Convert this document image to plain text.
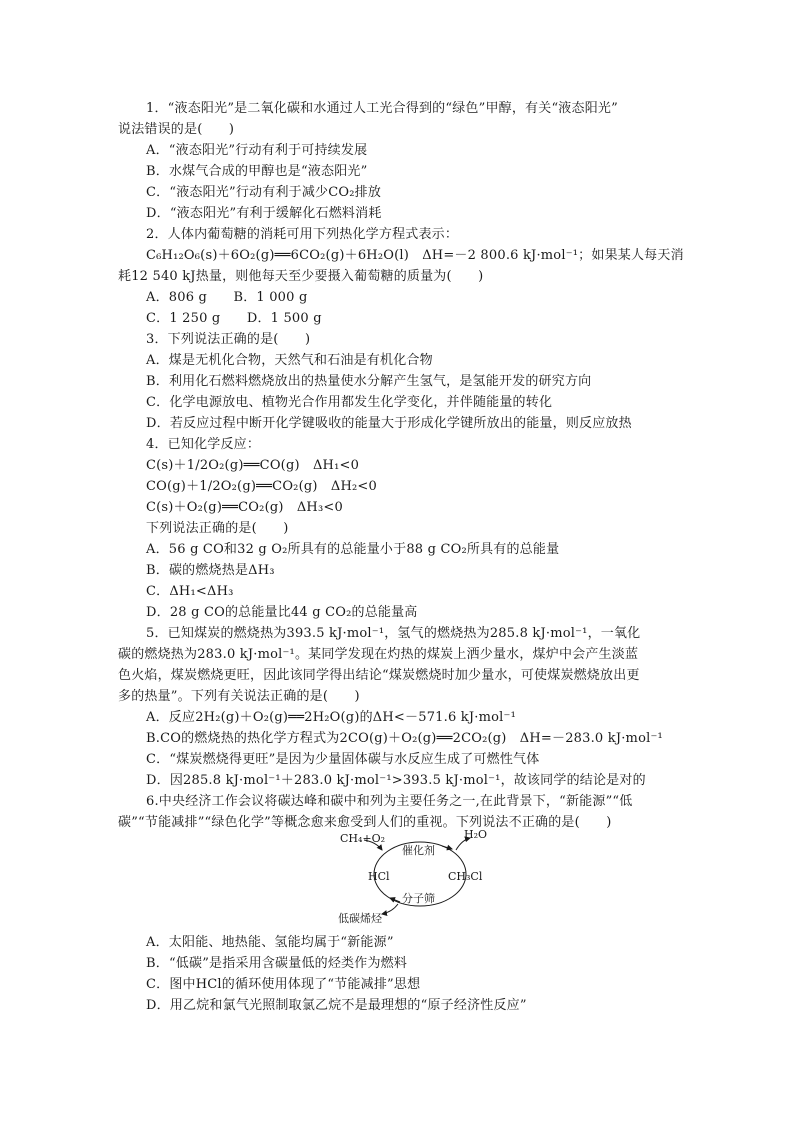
1．“液态阳光”是二氧化碳和水通过人工光合得到的“绿色”甲醇，有关“液态阳光”
说法错误的是(　　)
A．“液态阳光”行动有利于可持续发展
B．水煤气合成的甲醇也是“液态阳光”
C．“液态阳光”行动有利于减少CO₂排放
D．“液态阳光”有利于缓解化石燃料消耗
2．人体内葡萄糖的消耗可用下列热化学方程式表示：
C₆H₁₂O₆(s)＋6O₂(g)══6CO₂(g)＋6H₂O(l)　ΔH=－2 800.6 kJ·mol⁻¹；如果某人每天消
耗12 540 kJ热量，则他每天至少要摄入葡萄糖的质量为(　　)
A．806 g　　B．1 000 g
C．1 250 g　　D．1 500 g
3．下列说法正确的是(　　)
A．煤是无机化合物，天然气和石油是有机化合物
B．利用化石燃料燃烧放出的热量使水分解产生氢气，是氢能开发的研究方向
C．化学电源放电、植物光合作用都发生化学变化，并伴随能量的转化
D．若反应过程中断开化学键吸收的能量大于形成化学键所放出的能量，则反应放热
4．已知化学反应：
C(s)＋1/2O₂(g)══CO(g)　ΔH₁<0
CO(g)＋1/2O₂(g)══CO₂(g)　ΔH₂<0
C(s)＋O₂(g)══CO₂(g)　ΔH₃<0
下列说法正确的是(　　)
A．56 g CO和32 g O₂所具有的总能量小于88 g CO₂所具有的总能量
B．碳的燃烧热是ΔH₃
C．ΔH₁<ΔH₃
D．28 g CO的总能量比44 g CO₂的总能量高
5．已知煤炭的燃烧热为393.5 kJ·mol⁻¹，氢气的燃烧热为285.8 kJ·mol⁻¹，一氧化
碳的燃烧热为283.0 kJ·mol⁻¹。某同学发现在灼热的煤炭上洒少量水，煤炉中会产生淡蓝
色火焰，煤炭燃烧更旺，因此该同学得出结论“煤炭燃烧时加少量水，可使煤炭燃烧放出更
多的热量”。下列有关说法正确的是(　　)
A．反应2H₂(g)＋O₂(g)══2H₂O(g)的ΔH<－571.6 kJ·mol⁻¹
B.CO的燃烧热的热化学方程式为2CO(g)＋O₂(g)══2CO₂(g)　ΔH=－283.0 kJ·mol⁻¹
C．“煤炭燃烧得更旺”是因为少量固体碳与水反应生成了可燃性气体
D．因285.8 kJ·mol⁻¹＋283.0 kJ·mol⁻¹>393.5 kJ·mol⁻¹，故该同学的结论是对的
6.中央经济工作会议将碳达峰和碳中和列为主要任务之一,在此背景下，“新能源”“低
碳”“节能减排”“绿色化学”等概念愈来愈受到人们的重视。下列说法不正确的是(　　)
CH₄+O₂
催化剂
H₂O
HCl	CH₃Cl
分子筛
低碳烯烃
A．太阳能、地热能、氢能均属于“新能源”
B．“低碳”是指采用含碳量低的烃类作为燃料
C．图中HCl的循环使用体现了“节能减排”思想
D．用乙烷和氯气光照制取氯乙烷不是最理想的“原子经济性反应”
